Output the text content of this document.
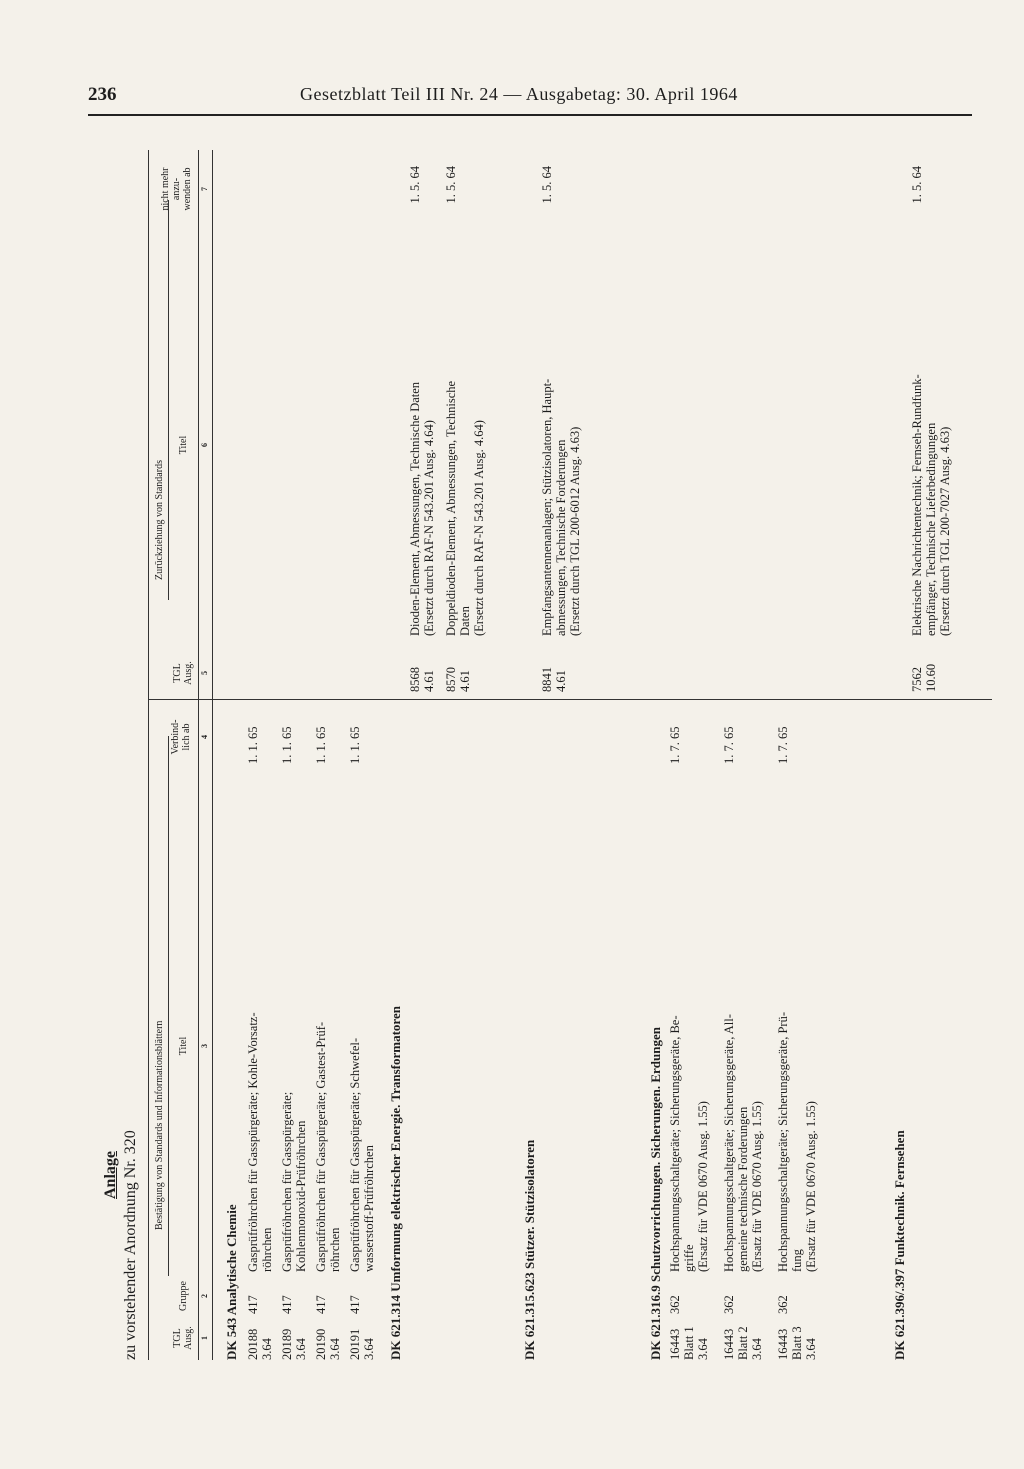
236	Gesetzblatt Teil III Nr. 24 — Ausgabetag: 30. April 1964
Anlage zu vorstehender Anordnung Nr. 320
Bestätigung von Standards und Informationsblättern
Zurückziehung von Standards
TGL
Ausg.
Gruppe
Titel
Verbind-
lich ab
TGL
Ausg.
Titel
nicht mehr
anzu-
wenden ab
1
2
3
4
5
6
7
DK 543 Analytische Chemie 20188
3.64
417
Gasprüfröhrchen für Gasspürgeräte; Kohle-Vorsatz-
röhrchen
1. 1. 65
20189
3.64
417
Gasprüfröhrchen für Gasspürgeräte;
Kohlenmonoxid-Prüfröhrchen
1. 1. 65
20190
3.64
417
Gasprüfröhrchen für Gasspürgeräte; Gastest-Prüf-
röhrchen
1. 1. 65
20191
3.64
417
Gasprüfröhrchen für Gasspürgeräte; Schwefel-
wasserstoff-Prüfröhrchen
1. 1. 65
DK 621.314 Umformung elektrischer Energie. Transformatoren
8568
4.61
Dioden-Element, Abmessungen, Technische Daten
(Ersetzt durch RAF-N 543.201 Ausg. 4.64)
1. 5. 64
8570
4.61
Doppeldioden-Element, Abmessungen, Technische
Daten
(Ersetzt durch RAF-N 543.201 Ausg. 4.64)
1. 5. 64
DK 621.315.623 Stützer. Stützisolatoren
8841
4.61
Empfangsantennenanlagen; Stützisolatoren, Haupt-
abmessungen, Technische Forderungen
(Ersetzt durch TGL 200-6012 Ausg. 4.63)
1. 5. 64
DK 621.316.9 Schutzvorrichtungen. Sicherungen. Erdungen 16443
Blatt 1
3.64
362
Hochspannungsschaltgeräte; Sicherungsgeräte, Be-
griffe
(Ersatz für VDE 0670 Ausg. 1.55)
1. 7. 65
16443
Blatt 2
3.64
362
Hochspannungsschaltgeräte; Sicherungsgeräte, All-
gemeine technische Forderungen
(Ersatz für VDE 0670 Ausg. 1.55)
1. 7. 65
16443
Blatt 3
3.64
362
Hochspannungsschaltgeräte; Sicherungsgeräte, Prü-
fung
(Ersatz für VDE 0670 Ausg. 1.55)
1. 7. 65
DK 621.396/.397 Funktechnik. Fernsehen
7562
10.60
Elektrische Nachrichtentechnik; Fernseh-Rundfunk-
empfänger, Technische Lieferbedingungen
(Ersetzt durch TGL 200-7027 Ausg. 4.63)
1. 5. 64
